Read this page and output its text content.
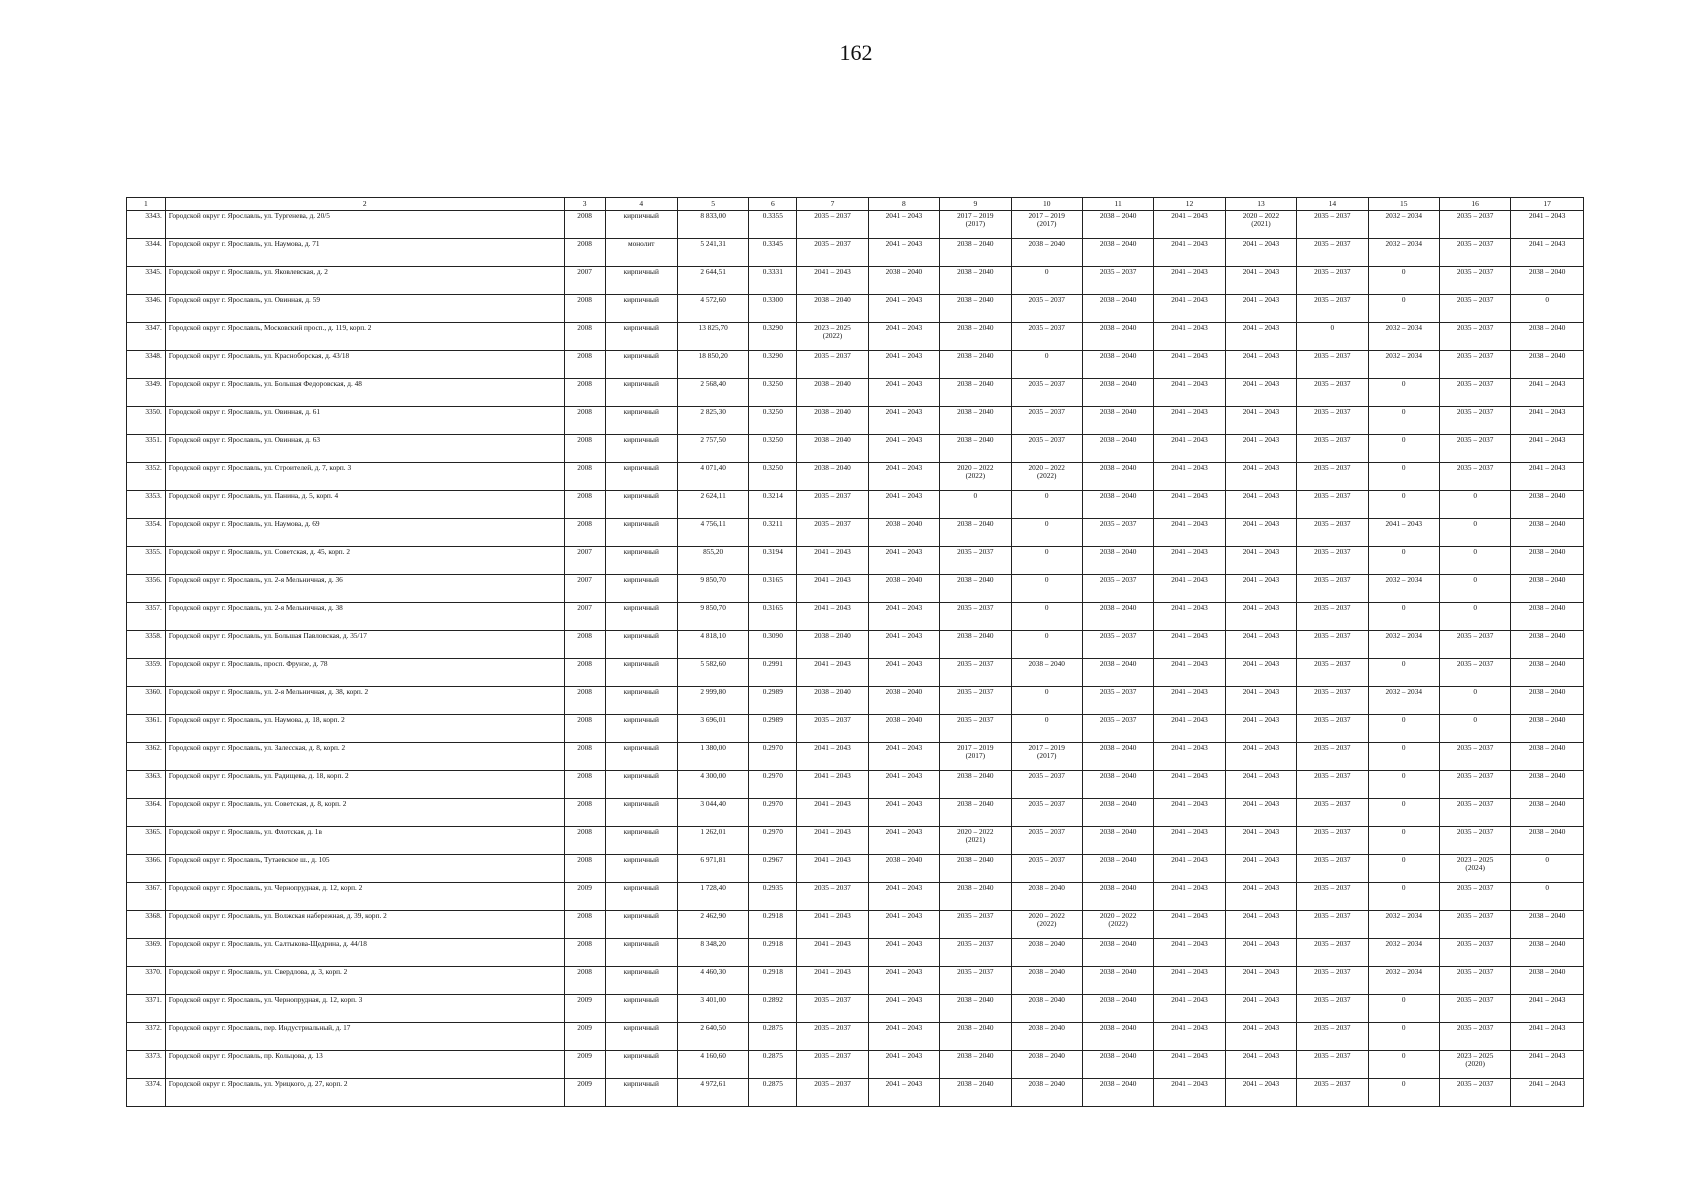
162
1	2	3	4	5	6	7	8	9	10	11	12	13	14	15	16	17
3343.	Городской округ г. Ярославль, ул. Тургенева, д. 20/5	2008	кирпичный	8 833,00	0.3355	2035 – 2037	2041 – 2043	2017 – 2019
(2017)	2017 – 2019
(2017)	2038 – 2040	2041 – 2043	2020 – 2022
(2021)	2035 – 2037	2032 – 2034	2035 – 2037	2041 – 2043
3344.	Городской округ г. Ярославль, ул. Наумова, д. 71	2008	монолит	5 241,31	0.3345	2035 – 2037	2041 – 2043	2038 – 2040	2038 – 2040	2038 – 2040	2041 – 2043	2041 – 2043	2035 – 2037	2032 – 2034	2035 – 2037	2041 – 2043
3345.	Городской округ г. Ярославль, ул. Яковлевская, д. 2	2007	кирпичный	2 644,51	0.3331	2041 – 2043	2038 – 2040	2038 – 2040	0	2035 – 2037	2041 – 2043	2041 – 2043	2035 – 2037	0	2035 – 2037	2038 – 2040
3346.	Городской округ г. Ярославль, ул. Овинная, д. 59	2008	кирпичный	4 572,60	0.3300	2038 – 2040	2041 – 2043	2038 – 2040	2035 – 2037	2038 – 2040	2041 – 2043	2041 – 2043	2035 – 2037	0	2035 – 2037	0
3347.	Городской округ г. Ярославль, Московский просп., д. 119, корп. 2	2008	кирпичный	13 825,70	0.3290	2023 – 2025
(2022)	2041 – 2043	2038 – 2040	2035 – 2037	2038 – 2040	2041 – 2043	2041 – 2043	0	2032 – 2034	2035 – 2037	2038 – 2040
3348.	Городской округ г. Ярославль, ул. Красноборская, д. 43/18	2008	кирпичный	18 850,20	0.3290	2035 – 2037	2041 – 2043	2038 – 2040	0	2038 – 2040	2041 – 2043	2041 – 2043	2035 – 2037	2032 – 2034	2035 – 2037	2038 – 2040
3349.	Городской округ г. Ярославль, ул. Большая Федоровская, д. 48	2008	кирпичный	2 568,40	0.3250	2038 – 2040	2041 – 2043	2038 – 2040	2035 – 2037	2038 – 2040	2041 – 2043	2041 – 2043	2035 – 2037	0	2035 – 2037	2041 – 2043
3350.	Городской округ г. Ярославль, ул. Овинная, д. 61	2008	кирпичный	2 825,30	0.3250	2038 – 2040	2041 – 2043	2038 – 2040	2035 – 2037	2038 – 2040	2041 – 2043	2041 – 2043	2035 – 2037	0	2035 – 2037	2041 – 2043
3351.	Городской округ г. Ярославль, ул. Овинная, д. 63	2008	кирпичный	2 757,50	0.3250	2038 – 2040	2041 – 2043	2038 – 2040	2035 – 2037	2038 – 2040	2041 – 2043	2041 – 2043	2035 – 2037	0	2035 – 2037	2041 – 2043
3352.	Городской округ г. Ярославль, ул. Строителей, д. 7, корп. 3	2008	кирпичный	4 071,40	0.3250	2038 – 2040	2041 – 2043	2020 – 2022
(2022)	2020 – 2022
(2022)	2038 – 2040	2041 – 2043	2041 – 2043	2035 – 2037	0	2035 – 2037	2041 – 2043
3353.	Городской округ г. Ярославль, ул. Панина, д. 5, корп. 4	2008	кирпичный	2 624,11	0.3214	2035 – 2037	2041 – 2043	0	0	2038 – 2040	2041 – 2043	2041 – 2043	2035 – 2037	0	0	2038 – 2040
3354.	Городской округ г. Ярославль, ул. Наумова, д. 69	2008	кирпичный	4 756,11	0.3211	2035 – 2037	2038 – 2040	2038 – 2040	0	2035 – 2037	2041 – 2043	2041 – 2043	2035 – 2037	2041 – 2043	0	2038 – 2040
3355.	Городской округ г. Ярославль, ул. Советская, д. 45, корп. 2	2007	кирпичный	855,20	0.3194	2041 – 2043	2041 – 2043	2035 – 2037	0	2038 – 2040	2041 – 2043	2041 – 2043	2035 – 2037	0	0	2038 – 2040
3356.	Городской округ г. Ярославль, ул. 2-я Мельничная, д. 36	2007	кирпичный	9 850,70	0.3165	2041 – 2043	2038 – 2040	2038 – 2040	0	2035 – 2037	2041 – 2043	2041 – 2043	2035 – 2037	2032 – 2034	0	2038 – 2040
3357.	Городской округ г. Ярославль, ул. 2-я Мельничная, д. 38	2007	кирпичный	9 850,70	0.3165	2041 – 2043	2041 – 2043	2035 – 2037	0	2038 – 2040	2041 – 2043	2041 – 2043	2035 – 2037	0	0	2038 – 2040
3358.	Городской округ г. Ярославль, ул. Большая Павловская, д. 35/17	2008	кирпичный	4 818,10	0.3090	2038 – 2040	2041 – 2043	2038 – 2040	0	2035 – 2037	2041 – 2043	2041 – 2043	2035 – 2037	2032 – 2034	2035 – 2037	2038 – 2040
3359.	Городской округ г. Ярославль, просп. Фрунзе, д. 78	2008	кирпичный	5 582,60	0.2991	2041 – 2043	2041 – 2043	2035 – 2037	2038 – 2040	2038 – 2040	2041 – 2043	2041 – 2043	2035 – 2037	0	2035 – 2037	2038 – 2040
3360.	Городской округ г. Ярославль, ул. 2-я Мельничная, д. 38, корп. 2	2008	кирпичный	2 999,80	0.2989	2038 – 2040	2038 – 2040	2035 – 2037	0	2035 – 2037	2041 – 2043	2041 – 2043	2035 – 2037	2032 – 2034	0	2038 – 2040
3361.	Городской округ г. Ярославль, ул. Наумова, д. 18, корп. 2	2008	кирпичный	3 696,01	0.2989	2035 – 2037	2038 – 2040	2035 – 2037	0	2035 – 2037	2041 – 2043	2041 – 2043	2035 – 2037	0	0	2038 – 2040
3362.	Городской округ г. Ярославль, ул. Залесская, д. 8, корп. 2	2008	кирпичный	1 380,00	0.2970	2041 – 2043	2041 – 2043	2017 – 2019
(2017)	2017 – 2019
(2017)	2038 – 2040	2041 – 2043	2041 – 2043	2035 – 2037	0	2035 – 2037	2038 – 2040
3363.	Городской округ г. Ярославль, ул. Радищева, д. 18, корп. 2	2008	кирпичный	4 300,00	0.2970	2041 – 2043	2041 – 2043	2038 – 2040	2035 – 2037	2038 – 2040	2041 – 2043	2041 – 2043	2035 – 2037	0	2035 – 2037	2038 – 2040
3364.	Городской округ г. Ярославль, ул. Советская, д. 8, корп. 2	2008	кирпичный	3 044,40	0.2970	2041 – 2043	2041 – 2043	2038 – 2040	2035 – 2037	2038 – 2040	2041 – 2043	2041 – 2043	2035 – 2037	0	2035 – 2037	2038 – 2040
3365.	Городской округ г. Ярославль, ул. Флотская, д. 1в	2008	кирпичный	1 262,01	0.2970	2041 – 2043	2041 – 2043	2020 – 2022
(2021)	2035 – 2037	2038 – 2040	2041 – 2043	2041 – 2043	2035 – 2037	0	2035 – 2037	2038 – 2040
3366.	Городской округ г. Ярославль, Тутаевское ш., д. 105	2008	кирпичный	6 971,81	0.2967	2041 – 2043	2038 – 2040	2038 – 2040	2035 – 2037	2038 – 2040	2041 – 2043	2041 – 2043	2035 – 2037	0	2023 – 2025
(2024)	0
3367.	Городской округ г. Ярославль, ул. Чернопрудная, д. 12, корп. 2	2009	кирпичный	1 728,40	0.2935	2035 – 2037	2041 – 2043	2038 – 2040	2038 – 2040	2038 – 2040	2041 – 2043	2041 – 2043	2035 – 2037	0	2035 – 2037	0
3368.	Городской округ г. Ярославль, ул. Волжская набережная, д. 39, корп. 2	2008	кирпичный	2 462,90	0.2918	2041 – 2043	2041 – 2043	2035 – 2037	2020 – 2022
(2022)	2020 – 2022
(2022)	2041 – 2043	2041 – 2043	2035 – 2037	2032 – 2034	2035 – 2037	2038 – 2040
3369.	Городской округ г. Ярославль, ул. Салтыкова-Щедрина, д. 44/18	2008	кирпичный	8 348,20	0.2918	2041 – 2043	2041 – 2043	2035 – 2037	2038 – 2040	2038 – 2040	2041 – 2043	2041 – 2043	2035 – 2037	2032 – 2034	2035 – 2037	2038 – 2040
3370.	Городской округ г. Ярославль, ул. Свердлова, д. 3, корп. 2	2008	кирпичный	4 460,30	0.2918	2041 – 2043	2041 – 2043	2035 – 2037	2038 – 2040	2038 – 2040	2041 – 2043	2041 – 2043	2035 – 2037	2032 – 2034	2035 – 2037	2038 – 2040
3371.	Городской округ г. Ярославль, ул. Чернопрудная, д. 12, корп. 3	2009	кирпичный	3 401,00	0.2892	2035 – 2037	2041 – 2043	2038 – 2040	2038 – 2040	2038 – 2040	2041 – 2043	2041 – 2043	2035 – 2037	0	2035 – 2037	2041 – 2043
3372.	Городской округ г. Ярославль, пер. Индустриальный, д. 17	2009	кирпичный	2 640,50	0.2875	2035 – 2037	2041 – 2043	2038 – 2040	2038 – 2040	2038 – 2040	2041 – 2043	2041 – 2043	2035 – 2037	0	2035 – 2037	2041 – 2043
3373.	Городской округ г. Ярославль, пр. Кольцова, д. 13	2009	кирпичный	4 160,60	0.2875	2035 – 2037	2041 – 2043	2038 – 2040	2038 – 2040	2038 – 2040	2041 – 2043	2041 – 2043	2035 – 2037	0	2023 – 2025
(2020)	2041 – 2043
3374.	Городской округ г. Ярославль, ул. Урицкого, д. 27, корп. 2	2009	кирпичный	4 972,61	0.2875	2035 – 2037	2041 – 2043	2038 – 2040	2038 – 2040	2038 – 2040	2041 – 2043	2041 – 2043	2035 – 2037	0	2035 – 2037	2041 – 2043
